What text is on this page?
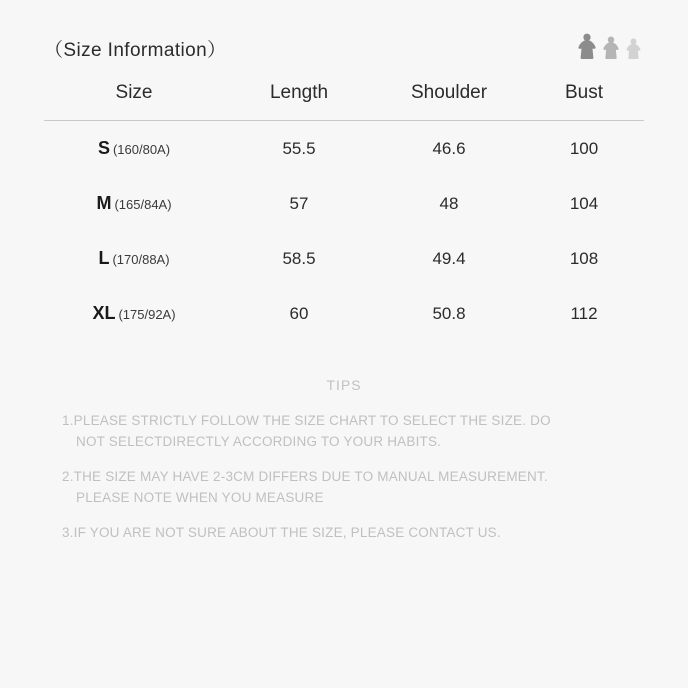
（Size Information）
Size	Length	Shoulder	Bust
S (160/80A)	55.5	46.6	100
M (165/84A)	57	48	104
L (170/88A)	58.5	49.4	108
XL (175/92A)	60	50.8	112
TIPS
1.PLEASE STRICTLY FOLLOW THE SIZE CHART TO SELECT THE SIZE. DO
NOT SELECTDIRECTLY ACCORDING TO YOUR HABITS.
2.THE SIZE MAY HAVE 2-3CM DIFFERS DUE TO MANUAL MEASUREMENT.
PLEASE NOTE WHEN YOU MEASURE
3.IF YOU ARE NOT SURE ABOUT THE SIZE, PLEASE CONTACT US.
